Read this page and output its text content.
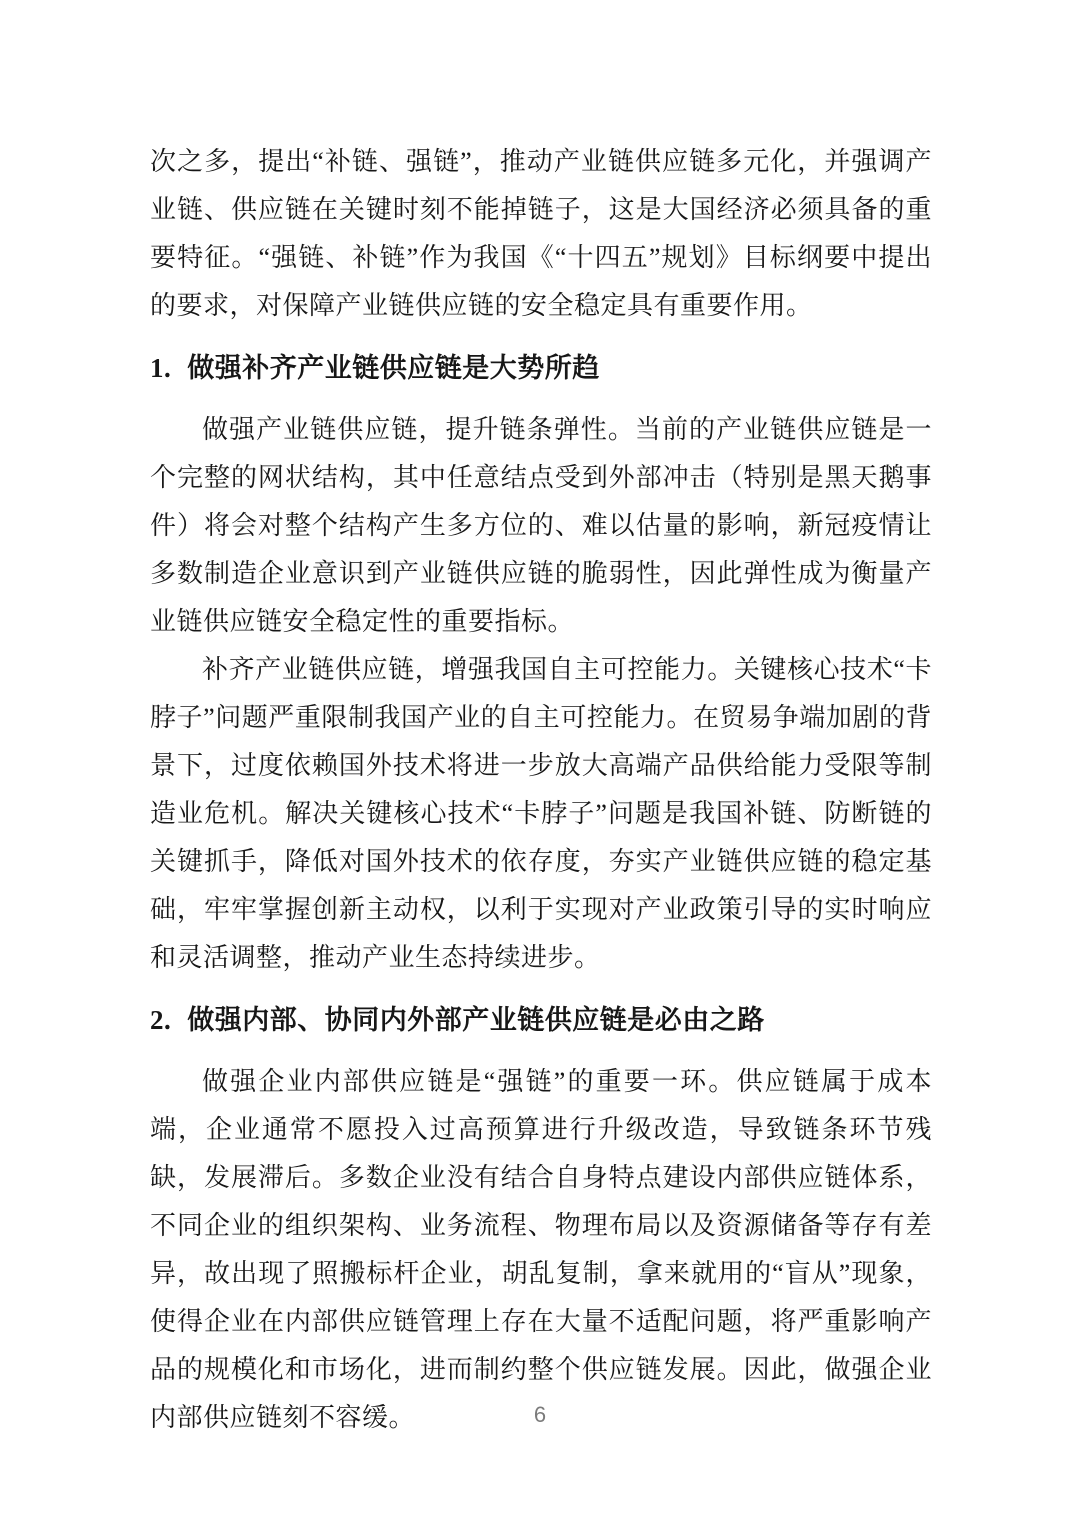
次之多，提出“补链、强链”，推动产业链供应链多元化，并强调产业链、供应链在关键时刻不能掉链子，这是大国经济必须具备的重要特征。“强链、补链”作为我国《“十四五”规划》目标纲要中提出的要求，对保障产业链供应链的安全稳定具有重要作用。

1. 做强补齐产业链供应链是大势所趋

做强产业链供应链，提升链条弹性。当前的产业链供应链是一个完整的网状结构，其中任意结点受到外部冲击（特别是黑天鹅事件）将会对整个结构产生多方位的、难以估量的影响，新冠疫情让多数制造企业意识到产业链供应链的脆弱性，因此弹性成为衡量产业链供应链安全稳定性的重要指标。

补齐产业链供应链，增强我国自主可控能力。关键核心技术“卡脖子”问题严重限制我国产业的自主可控能力。在贸易争端加剧的背景下，过度依赖国外技术将进一步放大高端产品供给能力受限等制造业危机。解决关键核心技术“卡脖子”问题是我国补链、防断链的关键抓手，降低对国外技术的依存度，夯实产业链供应链的稳定基础，牢牢掌握创新主动权，以利于实现对产业政策引导的实时响应和灵活调整，推动产业生态持续进步。

2. 做强内部、协同内外部产业链供应链是必由之路

做强企业内部供应链是“强链”的重要一环。供应链属于成本端，企业通常不愿投入过高预算进行升级改造，导致链条环节残缺，发展滞后。多数企业没有结合自身特点建设内部供应链体系，不同企业的组织架构、业务流程、物理布局以及资源储备等存有差异，故出现了照搬标杆企业，胡乱复制，拿来就用的“盲从”现象，使得企业在内部供应链管理上存在大量不适配问题，将严重影响产品的规模化和市场化，进而制约整个供应链发展。因此，做强企业内部供应链刻不容缓。	6
